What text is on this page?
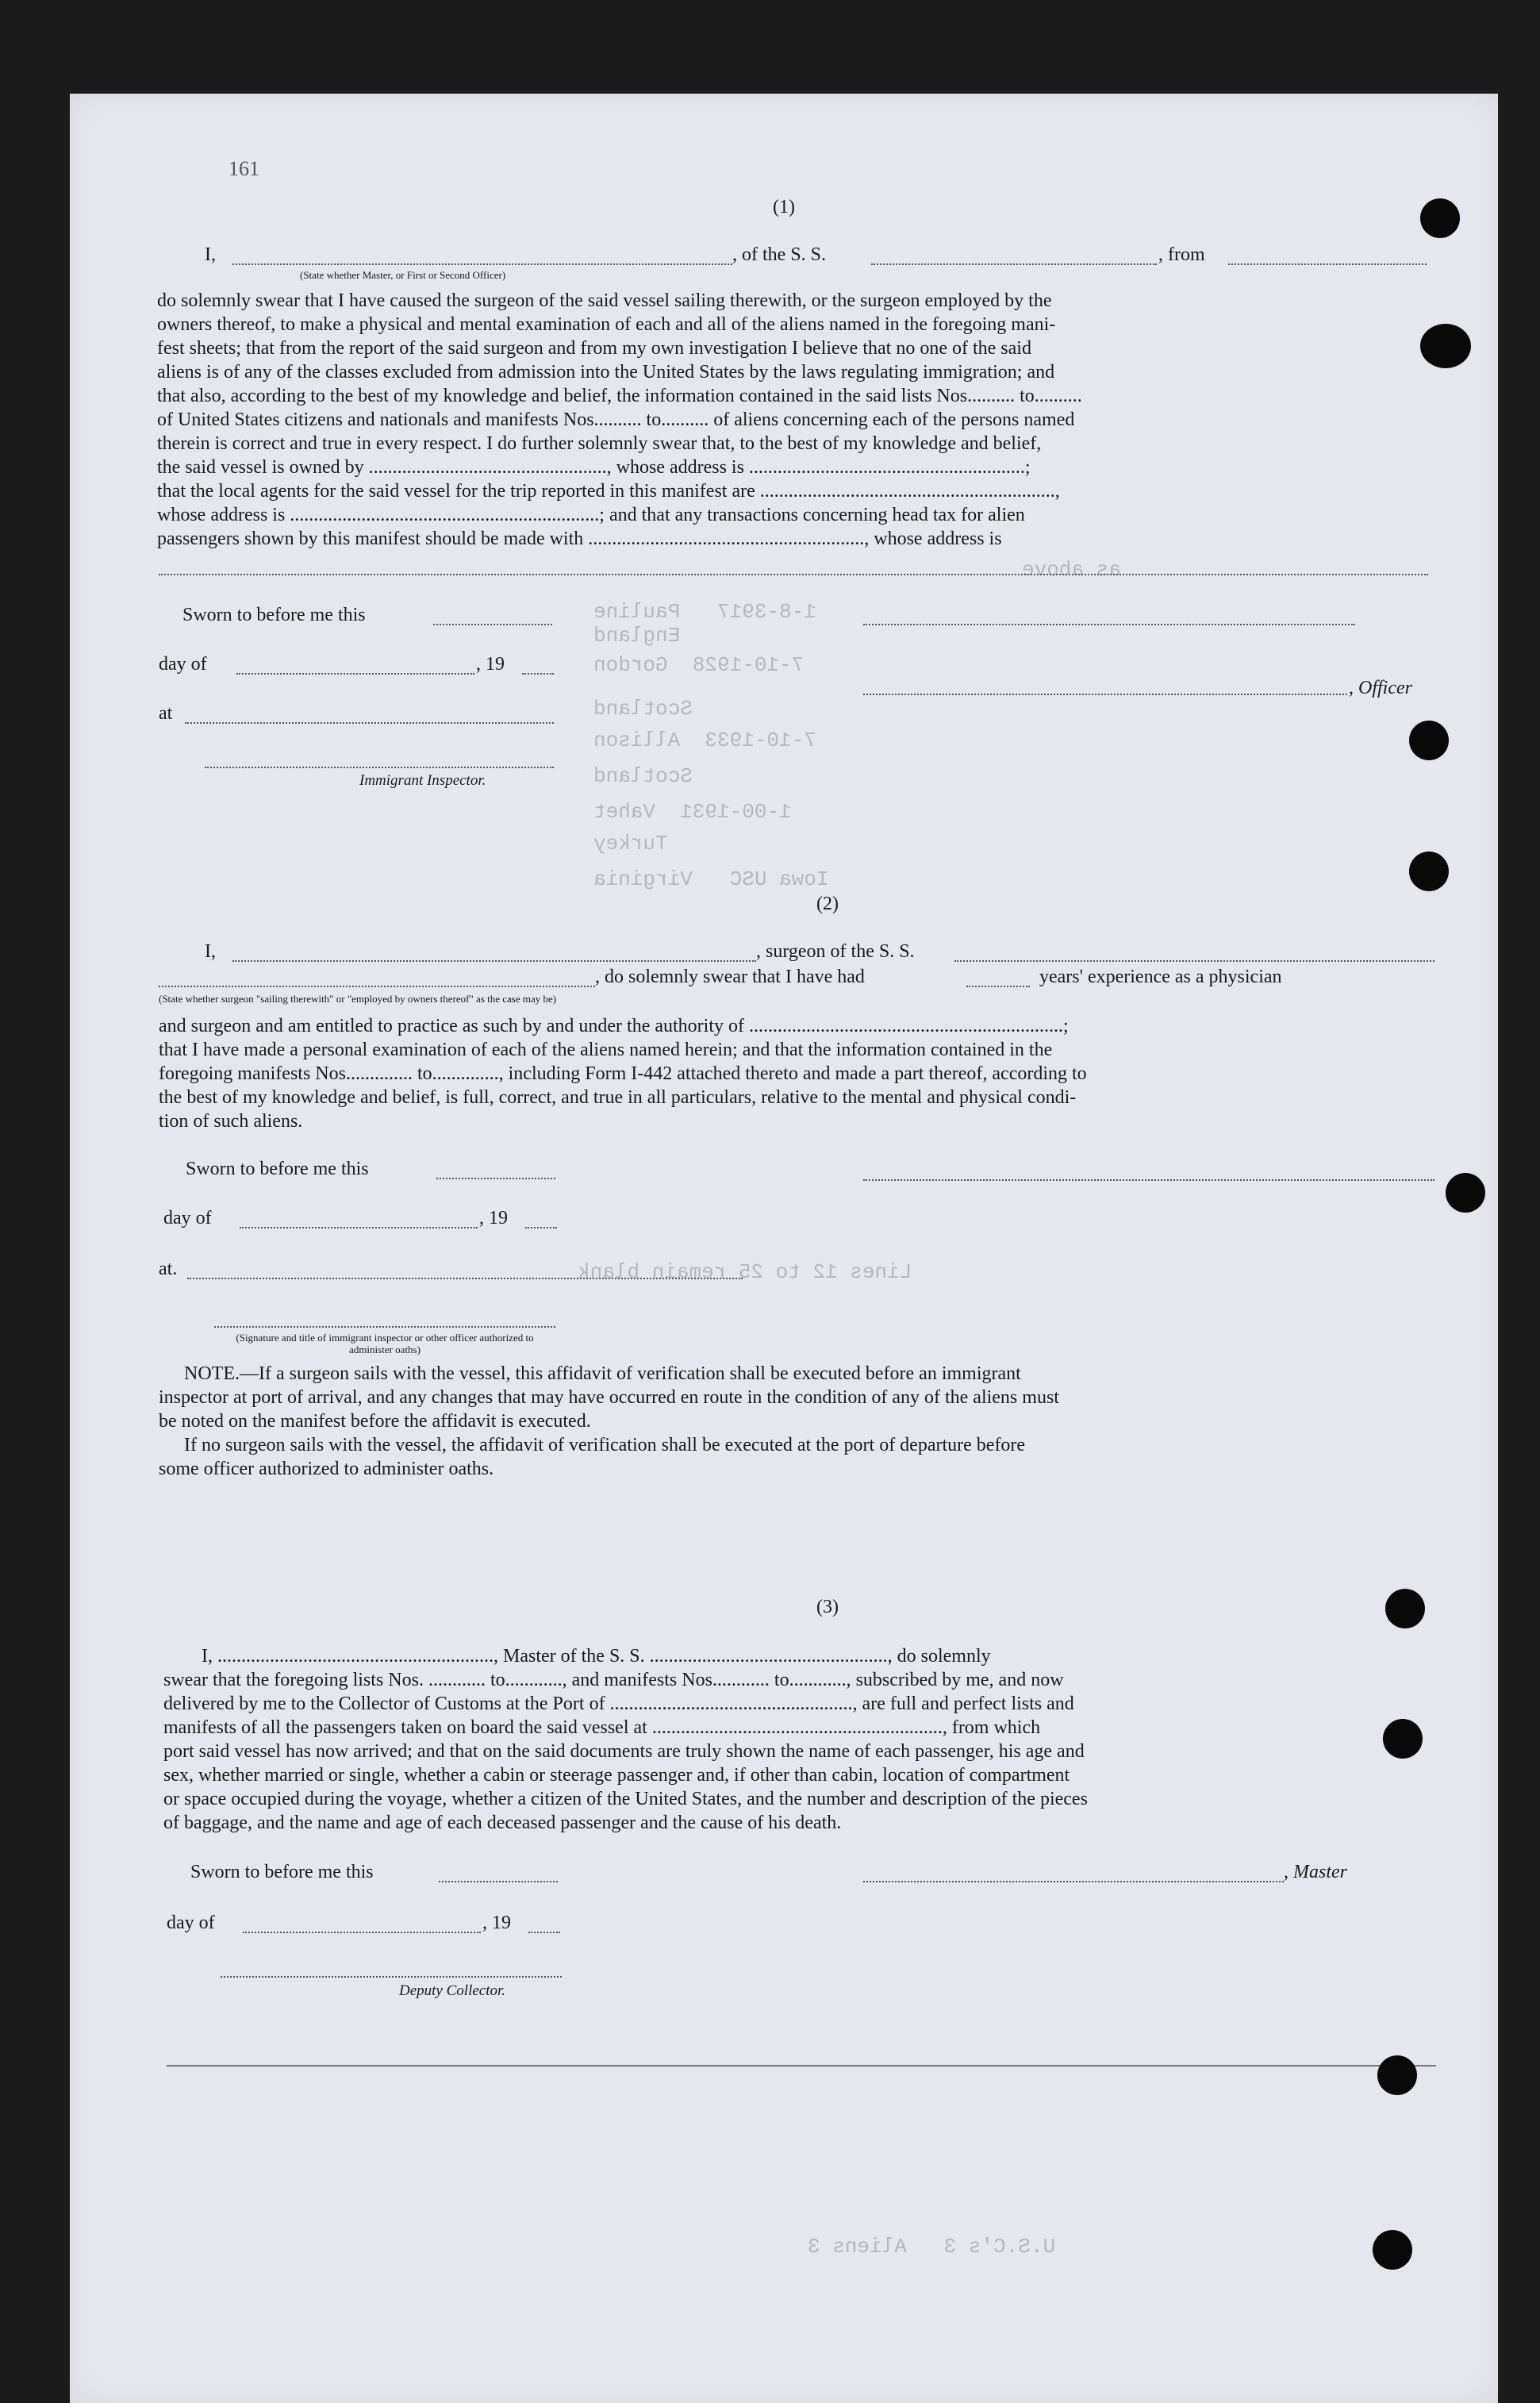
as above
1-8-3917   Pauline
England
7-10-1928  Gordon
Scotland
7-10-1933  Allison
Scotland
1-00-1931  Vahet
Turkey
Iowa USC   Virginia
Lines 12 to 25 remain blank
U.S.C's 3   Aliens 3
161
(1)
I,	, of the S. S.	, from
(State whether Master, or First or Second Officer)
do solemnly swear that I have caused the surgeon of the said vessel sailing therewith, or the surgeon employed by the
owners thereof, to make a physical and mental examination of each and all of the aliens named in the foregoing mani-
fest sheets; that from the report of the said surgeon and from my own investigation I believe that no one of the said
aliens is of any of the classes excluded from admission into the United States by the laws regulating immigration; and
that also, according to the best of my knowledge and belief, the information contained in the said lists Nos.......... to..........
of United States citizens and nationals and manifests Nos.......... to.......... of aliens concerning each of the persons named
therein is correct and true in every respect. I do further solemnly swear that, to the best of my knowledge and belief,
the said vessel is owned by .................................................., whose address is ..........................................................;
that the local agents for the said vessel for the trip reported in this manifest are ..............................................................,
whose address is .................................................................; and that any transactions concerning head tax for alien
passengers shown by this manifest should be made with .........................................................., whose address is
Sworn to before me this
day of	, 19
, Officer
at
Immigrant Inspector.
(2)
I,	, surgeon of the S. S.
, do solemnly swear that I have had	years' experience as a physician
(State whether surgeon "sailing therewith" or "employed by owners thereof" as the case may be)
and surgeon and am entitled to practice as such by and under the authority of ..................................................................;
that I have made a personal examination of each of the aliens named herein; and that the information contained in the
foregoing manifests Nos.............. to.............., including Form I-442 attached thereto and made a part thereof, according to
the best of my knowledge and belief, is full, correct, and true in all particulars, relative to the mental and physical condi-
tion of such aliens.
Sworn to before me this
day of	, 19
at.
(Signature and title of immigrant inspector or other officer authorized to administer oaths)
NOTE.—If a surgeon sails with the vessel, this affidavit of verification shall be executed before an immigrant
inspector at port of arrival, and any changes that may have occurred en route in the condition of any of the aliens must
be noted on the manifest before the affidavit is executed.
If no surgeon sails with the vessel, the affidavit of verification shall be executed at the port of departure before
some officer authorized to administer oaths.
(3)
I, .........................................................., Master of the S. S. .................................................., do solemnly
swear that the foregoing lists Nos. ............ to............, and manifests Nos............ to............, subscribed by me, and now
delivered by me to the Collector of Customs at the Port of ..................................................., are full and perfect lists and
manifests of all the passengers taken on board the said vessel at ............................................................., from which
port said vessel has now arrived; and that on the said documents are truly shown the name of each passenger, his age and
sex, whether married or single, whether a cabin or steerage passenger and, if other than cabin, location of compartment
or space occupied during the voyage, whether a citizen of the United States, and the number and description of the pieces
of baggage, and the name and age of each deceased passenger and the cause of his death.
Sworn to before me this	, Master
day of	, 19
Deputy Collector.
